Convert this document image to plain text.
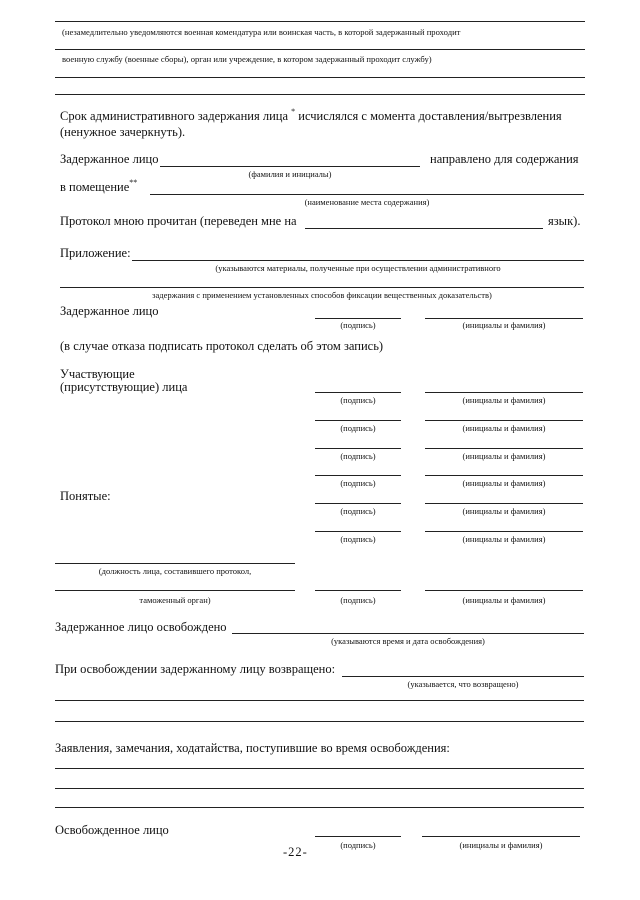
(незамедлительно уведомляются военная комендатура или воинская часть, в которой задержанный проходит
военную службу (военные сборы), орган или учреждение, в котором задержанный проходит службу)
Срок административного задержания лица * исчислялся с момента доставления/вытрезвления
(ненужное зачеркнуть).
Задержанное лицо	направлено для содержания
(фамилия и инициалы)
в помещение**
(наименование места содержания)
Протокол мною прочитан (переведен мне на	язык).
Приложение:
(указываются материалы, полученные при осуществлении административного
задержания с применением установленных способов фиксации вещественных доказательств)
Задержанное лицо
(подпись)	(инициалы и фамилия)
(в случае отказа подписать протокол сделать об этом запись)
Участвующие
(присутствующие) лица
(подпись)	(инициалы и фамилия)
(подпись)	(инициалы и фамилия)
(подпись)	(инициалы и фамилия)
Понятые:
(подпись)	(инициалы и фамилия)
(подпись)	(инициалы и фамилия)
(подпись)	(инициалы и фамилия)
(должность лица, составившего протокол,
таможенный орган)	(подпись)	(инициалы и фамилия)
Задержанное лицо освобождено
(указываются время и дата освобождения)
При освобождении задержанному лицу возвращено:
(указывается, что возвращено)
Заявления, замечания, ходатайства, поступившие во время освобождения:
Освобожденное лицо
(подпись)	(инициалы и фамилия)
-22-
